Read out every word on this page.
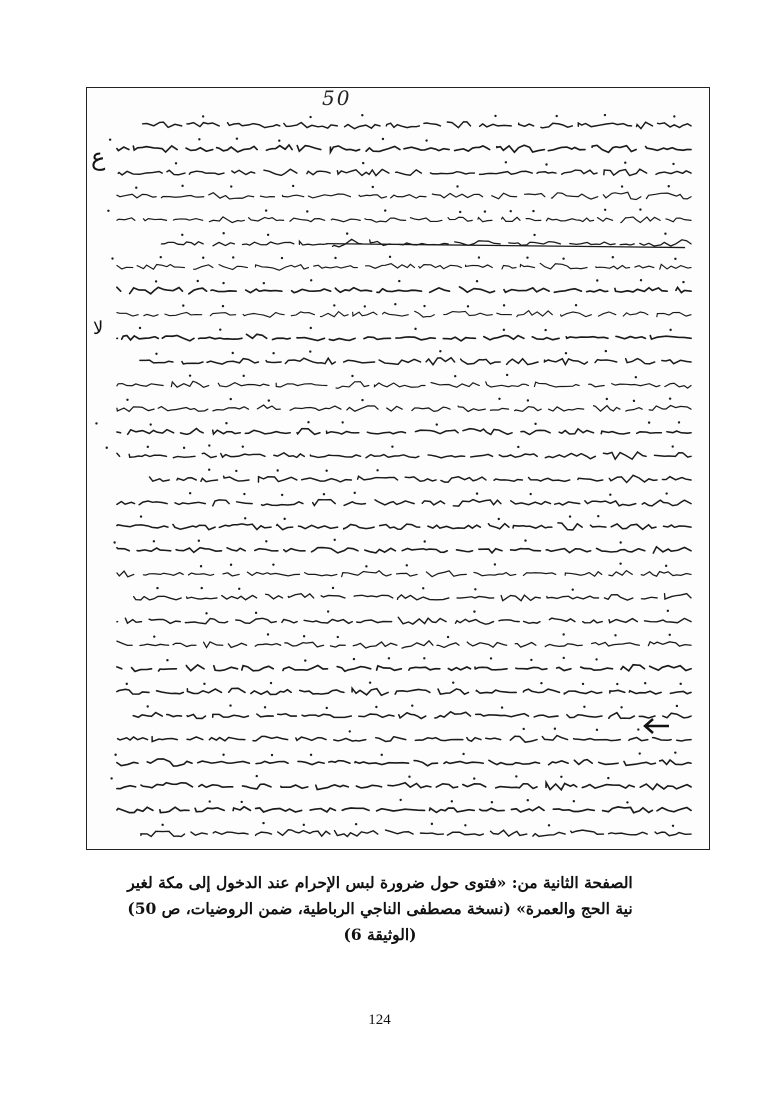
50
ع
لا
الصفحة الثانية من: «فتوى حول ضرورة لبس الإحرام عند الدخول إلى مكة لغير
نية الحج والعمرة» (نسخة مصطفى الناجي الرباطية، ضمن الروضيات، ص 50)
(الوثيقة 6)
124
